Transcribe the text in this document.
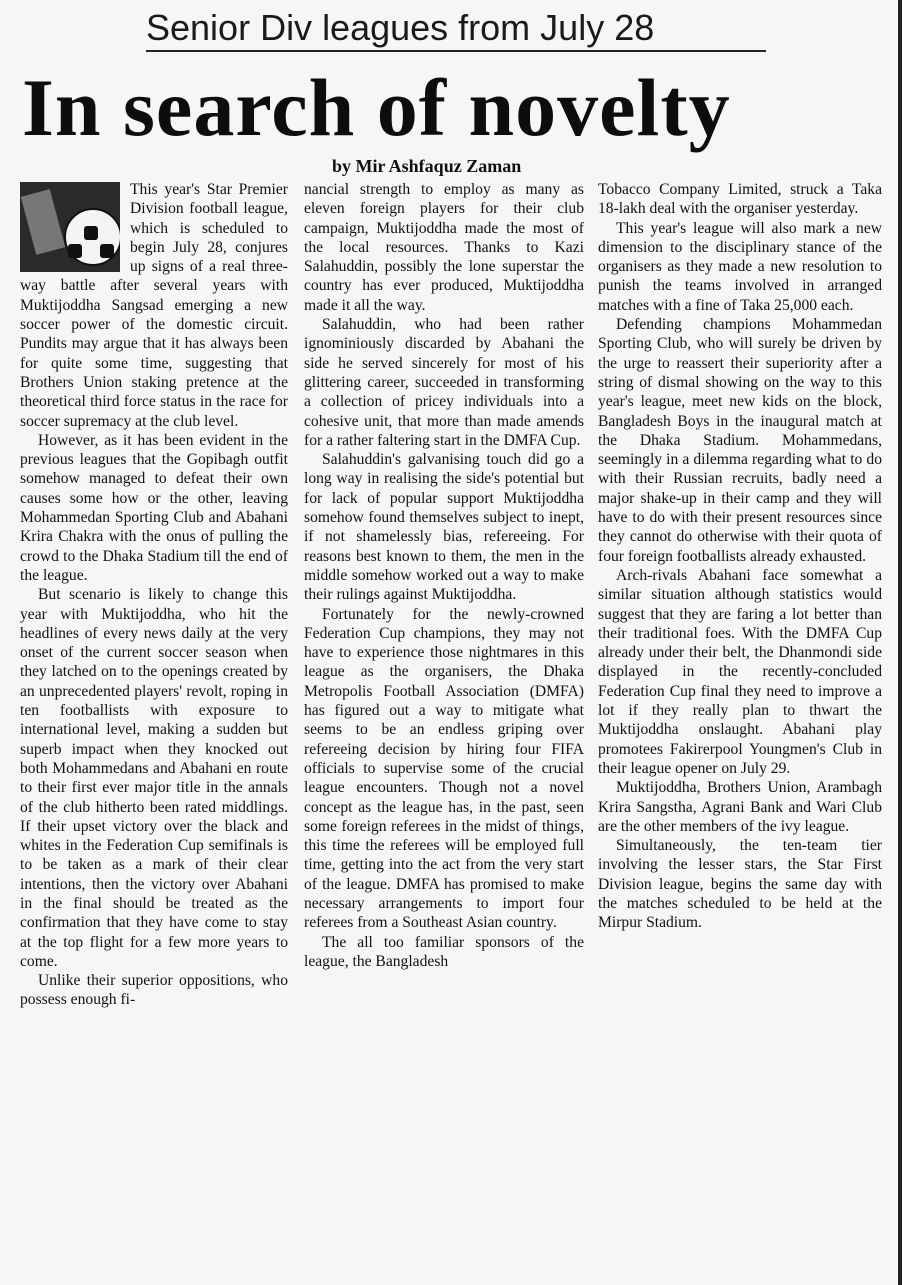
Senior Div leagues from July 28
In search of novelty
by Mir Ashfaquz Zaman

This year's Star Premier Division football league, which is scheduled to begin July 28, conjures up signs of a real three-way battle after several years with Muktijoddha Sangsad emerging a new soccer power of the domestic circuit. Pundits may argue that it has always been for quite some time, suggesting that Brothers Union staking pretence at the theoretical third force status in the race for soccer supremacy at the club level.

However, as it has been evident in the previous leagues that the Gopibagh outfit somehow managed to defeat their own causes some how or the other, leaving Mohammedan Sporting Club and Abahani Krira Chakra with the onus of pulling the crowd to the Dhaka Stadium till the end of the league.

But scenario is likely to change this year with Muktijoddha, who hit the headlines of every news daily at the very onset of the current soccer season when they latched on to the openings created by an unprecedented players' revolt, roping in ten footballists with exposure to international level, making a sudden but superb impact when they knocked out both Mohammedans and Abahani en route to their first ever major title in the annals of the club hitherto been rated middlings. If their upset victory over the black and whites in the Federation Cup semifinals is to be taken as a mark of their clear intentions, then the victory over Abahani in the final should be treated as the confirmation that they have come to stay at the top flight for a few more years to come.

Unlike their superior oppositions, who possess enough fi-

nancial strength to employ as many as eleven foreign players for their club campaign, Muktijoddha made the most of the local resources. Thanks to Kazi Salahuddin, possibly the lone superstar the country has ever produced, Muktijoddha made it all the way.

Salahuddin, who had been rather ignominiously discarded by Abahani the side he served sincerely for most of his glittering career, succeeded in transforming a collection of pricey individuals into a cohesive unit, that more than made amends for a rather faltering start in the DMFA Cup.

Salahuddin's galvanising touch did go a long way in realising the side's potential but for lack of popular support Muktijoddha somehow found themselves subject to inept, if not shamelessly bias, refereeing. For reasons best known to them, the men in the middle somehow worked out a way to make their rulings against Muktijoddha.

Fortunately for the newly-crowned Federation Cup champions, they may not have to experience those nightmares in this league as the organisers, the Dhaka Metropolis Football Association (DMFA) has figured out a way to mitigate what seems to be an endless griping over refereeing decision by hiring four FIFA officials to supervise some of the crucial league encounters. Though not a novel concept as the league has, in the past, seen some foreign referees in the midst of things, this time the referees will be employed full time, getting into the act from the very start of the league. DMFA has promised to make necessary arrangements to import four referees from a Southeast Asian country.

The all too familiar sponsors of the league, the Bangladesh

Tobacco Company Limited, struck a Taka 18-lakh deal with the organiser yesterday.

This year's league will also mark a new dimension to the disciplinary stance of the organisers as they made a new resolution to punish the teams involved in arranged matches with a fine of Taka 25,000 each.

Defending champions Mohammedan Sporting Club, who will surely be driven by the urge to reassert their superiority after a string of dismal showing on the way to this year's league, meet new kids on the block, Bangladesh Boys in the inaugural match at the Dhaka Stadium. Mohammedans, seemingly in a dilemma regarding what to do with their Russian recruits, badly need a major shake-up in their camp and they will have to do with their present resources since they cannot do otherwise with their quota of four foreign footballists already exhausted.

Arch-rivals Abahani face somewhat a similar situation although statistics would suggest that they are faring a lot better than their traditional foes. With the DMFA Cup already under their belt, the Dhanmondi side displayed in the recently-concluded Federation Cup final they need to improve a lot if they really plan to thwart the Muktijoddha onslaught. Abahani play promotees Fakirerpool Youngmen's Club in their league opener on July 29.

Muktijoddha, Brothers Union, Arambagh Krira Sangstha, Agrani Bank and Wari Club are the other members of the ivy league.

Simultaneously, the ten-team tier involving the lesser stars, the Star First Division league, begins the same day with the matches scheduled to be held at the Mirpur Stadium.
